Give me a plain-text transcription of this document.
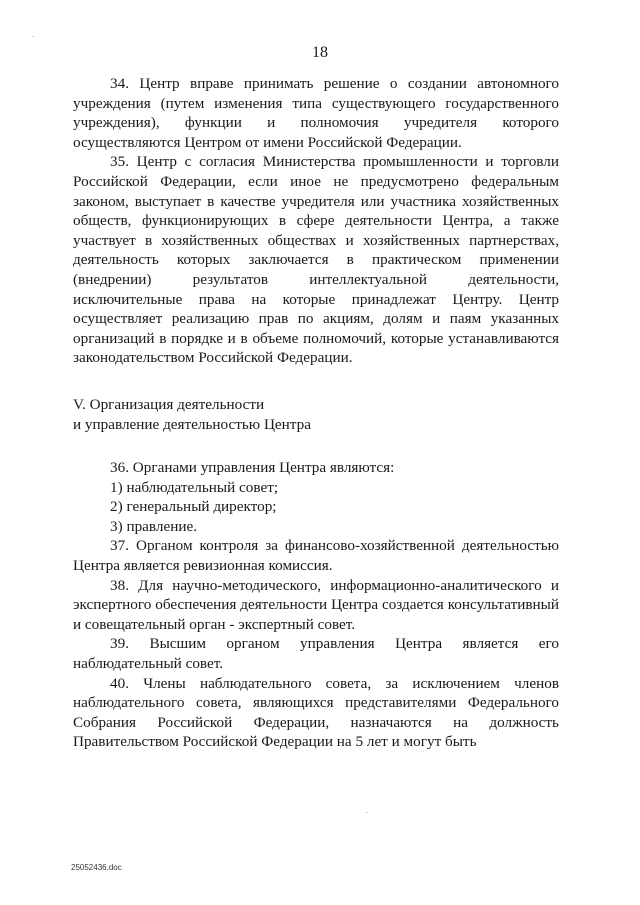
18

34. Центр вправе принимать решение о создании автономного учреждения (путем изменения типа существующего государственного учреждения), функции и полномочия учредителя которого осуществляются Центром от имени Российской Федерации.

35. Центр с согласия Министерства промышленности и торговли Российской Федерации, если иное не предусмотрено федеральным законом, выступает в качестве учредителя или участника хозяйственных обществ, функционирующих в сфере деятельности Центра, а также участвует в хозяйственных обществах и хозяйственных партнерствах, деятельность которых заключается в практическом применении (внедрении) результатов интеллектуальной деятельности, исключительные права на которые принадлежат Центру. Центр осуществляет реализацию прав по акциям, долям и паям указанных организаций в порядке и в объеме полномочий, которые устанавливаются законодательством Российской Федерации.

V. Организация деятельности

и управление деятельностью Центра

36. Органами управления Центра являются:

1) наблюдательный совет;

2) генеральный директор;

3) правление.

37. Органом контроля за финансово-хозяйственной деятельностью Центра является ревизионная комиссия.

38. Для научно-методического, информационно-аналитического и экспертного обеспечения деятельности Центра создается консультативный и совещательный орган - экспертный совет.

39. Высшим органом управления Центра является его наблюдательный совет.

40. Члены наблюдательного совета, за исключением членов наблюдательного совета, являющихся представителями Федерального Собрания Российской Федерации, назначаются на должность Правительством Российской Федерации на 5 лет и могут быть

25052436.doc
